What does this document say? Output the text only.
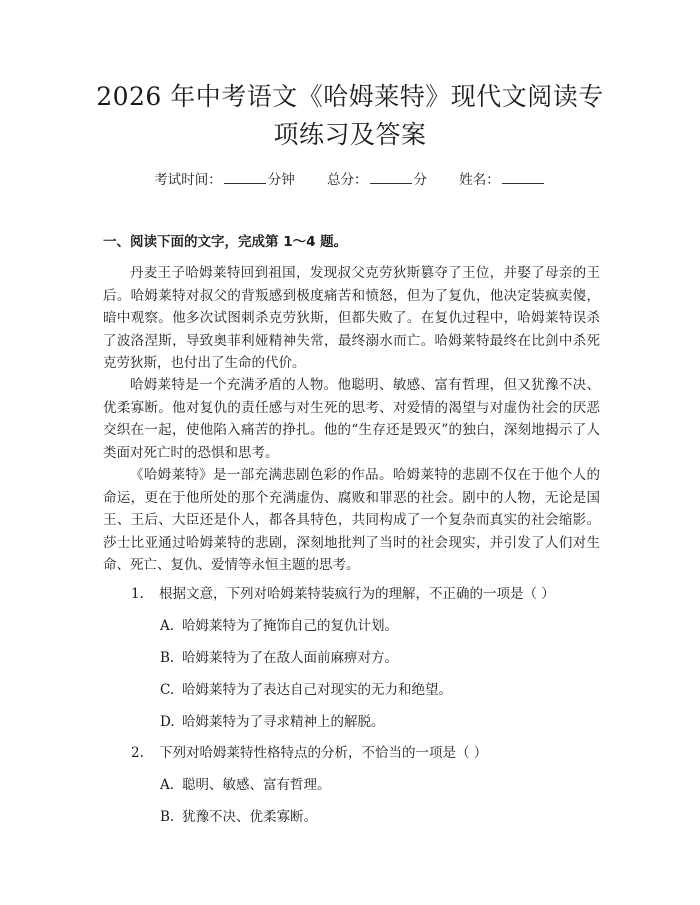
2026 年中考语文《哈姆莱特》现代文阅读专
项练习及答案
考试时间：	分钟 总分：	分 姓名：
一、阅读下面的文字，完成第 1～4 题。

丹麦王子哈姆莱特回到祖国，发现叔父克劳狄斯篡夺了王位，并娶了母亲的王后。哈姆莱特对叔父的背叛感到极度痛苦和愤怒，但为了复仇，他决定装疯卖傻，暗中观察。他多次试图刺杀克劳狄斯，但都失败了。在复仇过程中，哈姆莱特误杀了波洛涅斯，导致奥菲利娅精神失常，最终溺水而亡。哈姆莱特最终在比剑中杀死克劳狄斯，也付出了生命的代价。

哈姆莱特是一个充满矛盾的人物。他聪明、敏感、富有哲理，但又犹豫不决、优柔寡断。他对复仇的责任感与对生死的思考、对爱情的渴望与对虚伪社会的厌恶交织在一起，使他陷入痛苦的挣扎。他的“生存还是毁灭”的独白，深刻地揭示了人类面对死亡时的恐惧和思考。

《哈姆莱特》是一部充满悲剧色彩的作品。哈姆莱特的悲剧不仅在于他个人的命运，更在于他所处的那个充满虚伪、腐败和罪恶的社会。剧中的人物，无论是国王、王后、大臣还是仆人，都各具特色，共同构成了一个复杂而真实的社会缩影。莎士比亚通过哈姆莱特的悲剧，深刻地批判了当时的社会现实，并引发了人们对生命、死亡、复仇、爱情等永恒主题的思考。

1. 根据文意，下列对哈姆莱特装疯行为的理解，不正确的一项是（ ）
A. 哈姆莱特为了掩饰自己的复仇计划。
B. 哈姆莱特为了在敌人面前麻痹对方。
C. 哈姆莱特为了表达自己对现实的无力和绝望。
D. 哈姆莱特为了寻求精神上的解脱。
2. 下列对哈姆莱特性格特点的分析，不恰当的一项是（ ）
A. 聪明、敏感、富有哲理。
B. 犹豫不决、优柔寡断。
